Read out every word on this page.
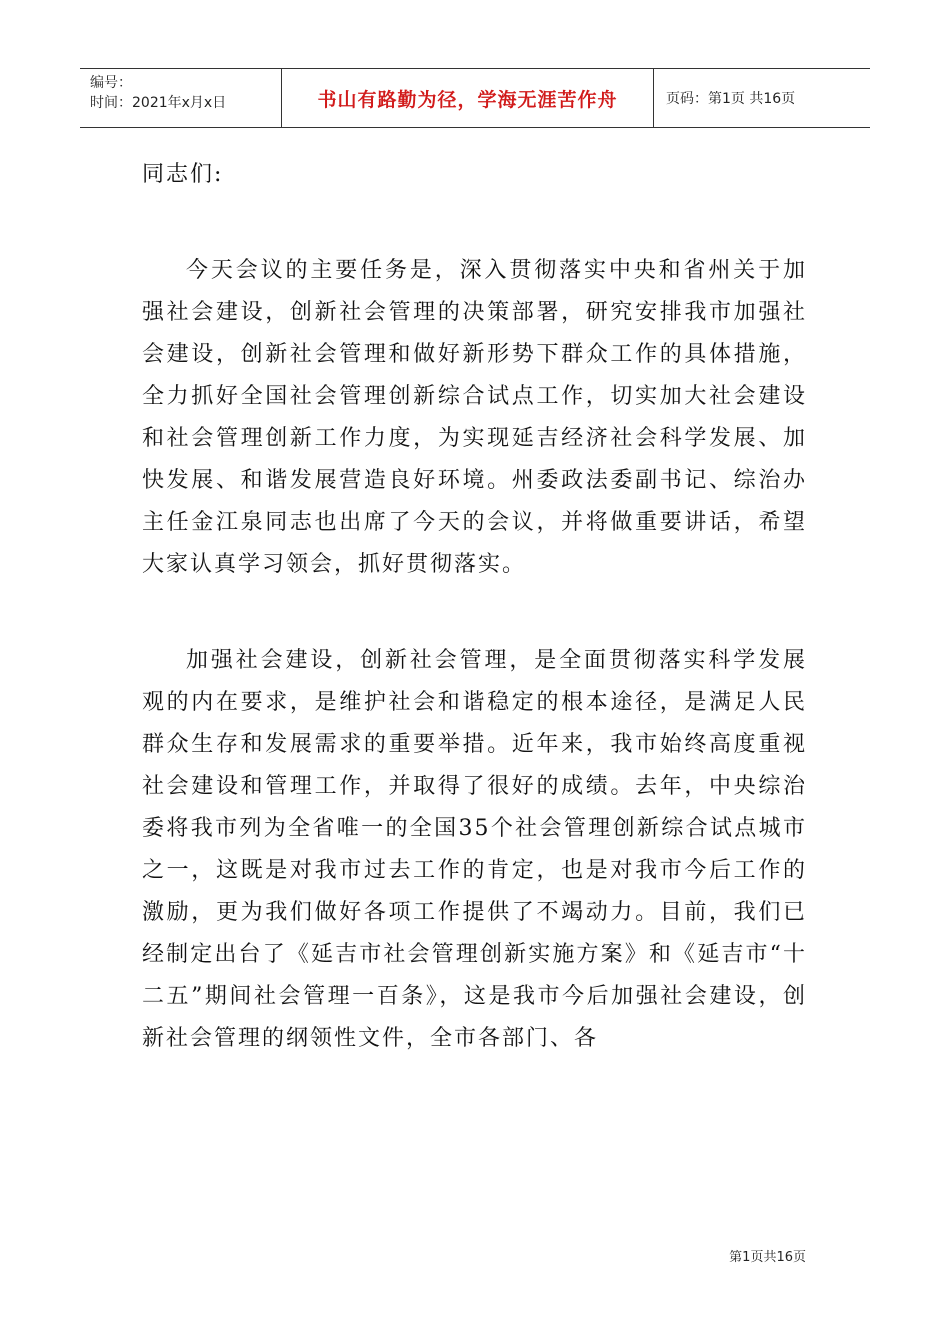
编号：
时间：2021年x月x日	书山有路勤为径，学海无涯苦作舟	页码：第1页 共16页

同志们:

今天会议的主要任务是，深入贯彻落实中央和省州关于加强社会建设，创新社会管理的决策部署，研究安排我市加强社会建设，创新社会管理和做好新形势下群众工作的具体措施，全力抓好全国社会管理创新综合试点工作，切实加大社会建设和社会管理创新工作力度，为实现延吉经济社会科学发展、加快发展、和谐发展营造良好环境。州委政法委副书记、综治办主任金江泉同志也出席了今天的会议，并将做重要讲话，希望大家认真学习领会，抓好贯彻落实。

加强社会建设，创新社会管理，是全面贯彻落实科学发展观的内在要求，是维护社会和谐稳定的根本途径，是满足人民群众生存和发展需求的重要举措。近年来，我市始终高度重视社会建设和管理工作，并取得了很好的成绩。去年，中央综治委将我市列为全省唯一的全国35个社会管理创新综合试点城市之一，这既是对我市过去工作的肯定，也是对我市今后工作的激励，更为我们做好各项工作提供了不竭动力。目前，我们已经制定出台了《延吉市社会管理创新实施方案》和《延吉市“十二五”期间社会管理一百条》，这是我市今后加强社会建设，创新社会管理的纲领性文件，全市各部门、各

第1页共16页
